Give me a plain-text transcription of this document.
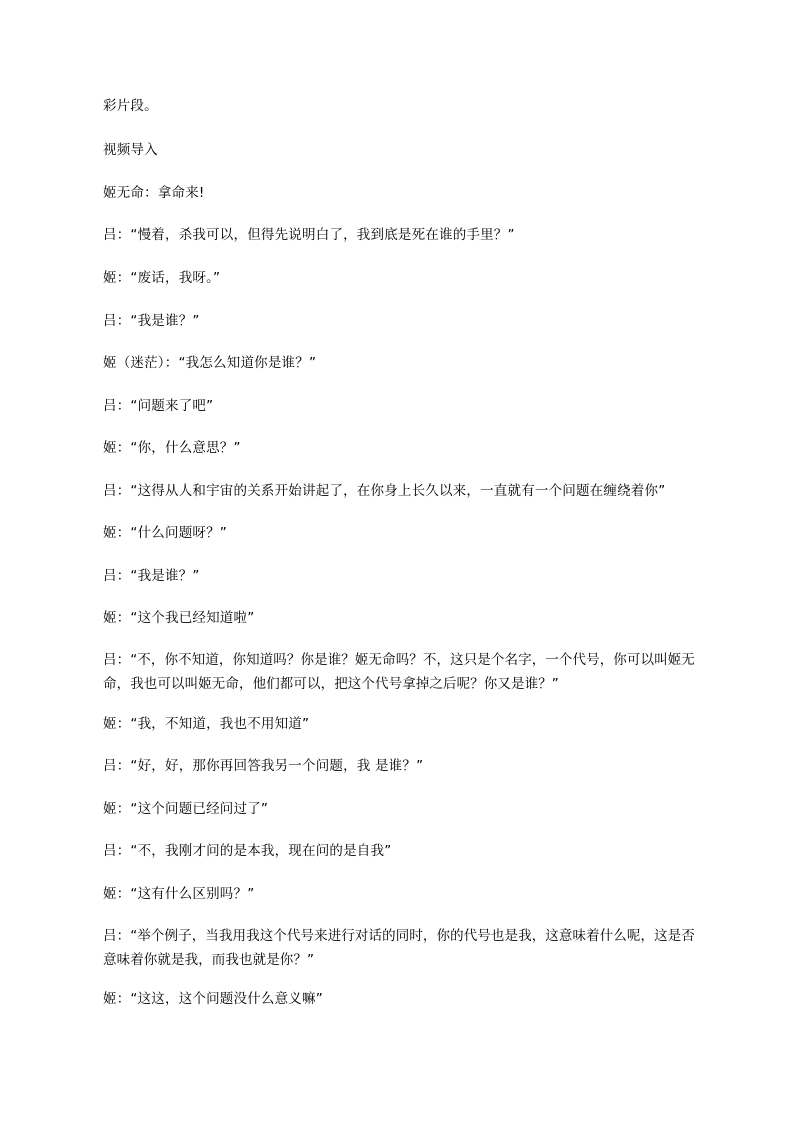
彩片段。
视频导入
姬无命：拿命来!
吕：“慢着，杀我可以，但得先说明白了，我到底是死在谁的手里？”
姬：“废话，我呀。”
吕：“我是谁？”
姬（迷茫）：“我怎么知道你是谁？”
吕：“问题来了吧”
姬：“你，什么意思？”
吕：“这得从人和宇宙的关系开始讲起了，在你身上长久以来，一直就有一个问题在缠绕着你”
姬：“什么问题呀？”
吕：“我是谁？”
姬：“这个我已经知道啦”
吕：“不，你不知道，你知道吗？你是谁？姬无命吗？不，这只是个名字，一个代号，你可以叫姬无命，我也可以叫姬无命，他们都可以，把这个代号拿掉之后呢？你又是谁？”
姬：“我，不知道，我也不用知道”
吕：“好，好，那你再回答我另一个问题，我 是谁？”
姬：“这个问题已经问过了”
吕：“不，我刚才问的是本我，现在问的是自我”
姬：“这有什么区别吗？”
吕：“举个例子，当我用我这个代号来进行对话的同时，你的代号也是我，这意味着什么呢，这是否意味着你就是我，而我也就是你？”
姬：“这这，这个问题没什么意义嘛”
